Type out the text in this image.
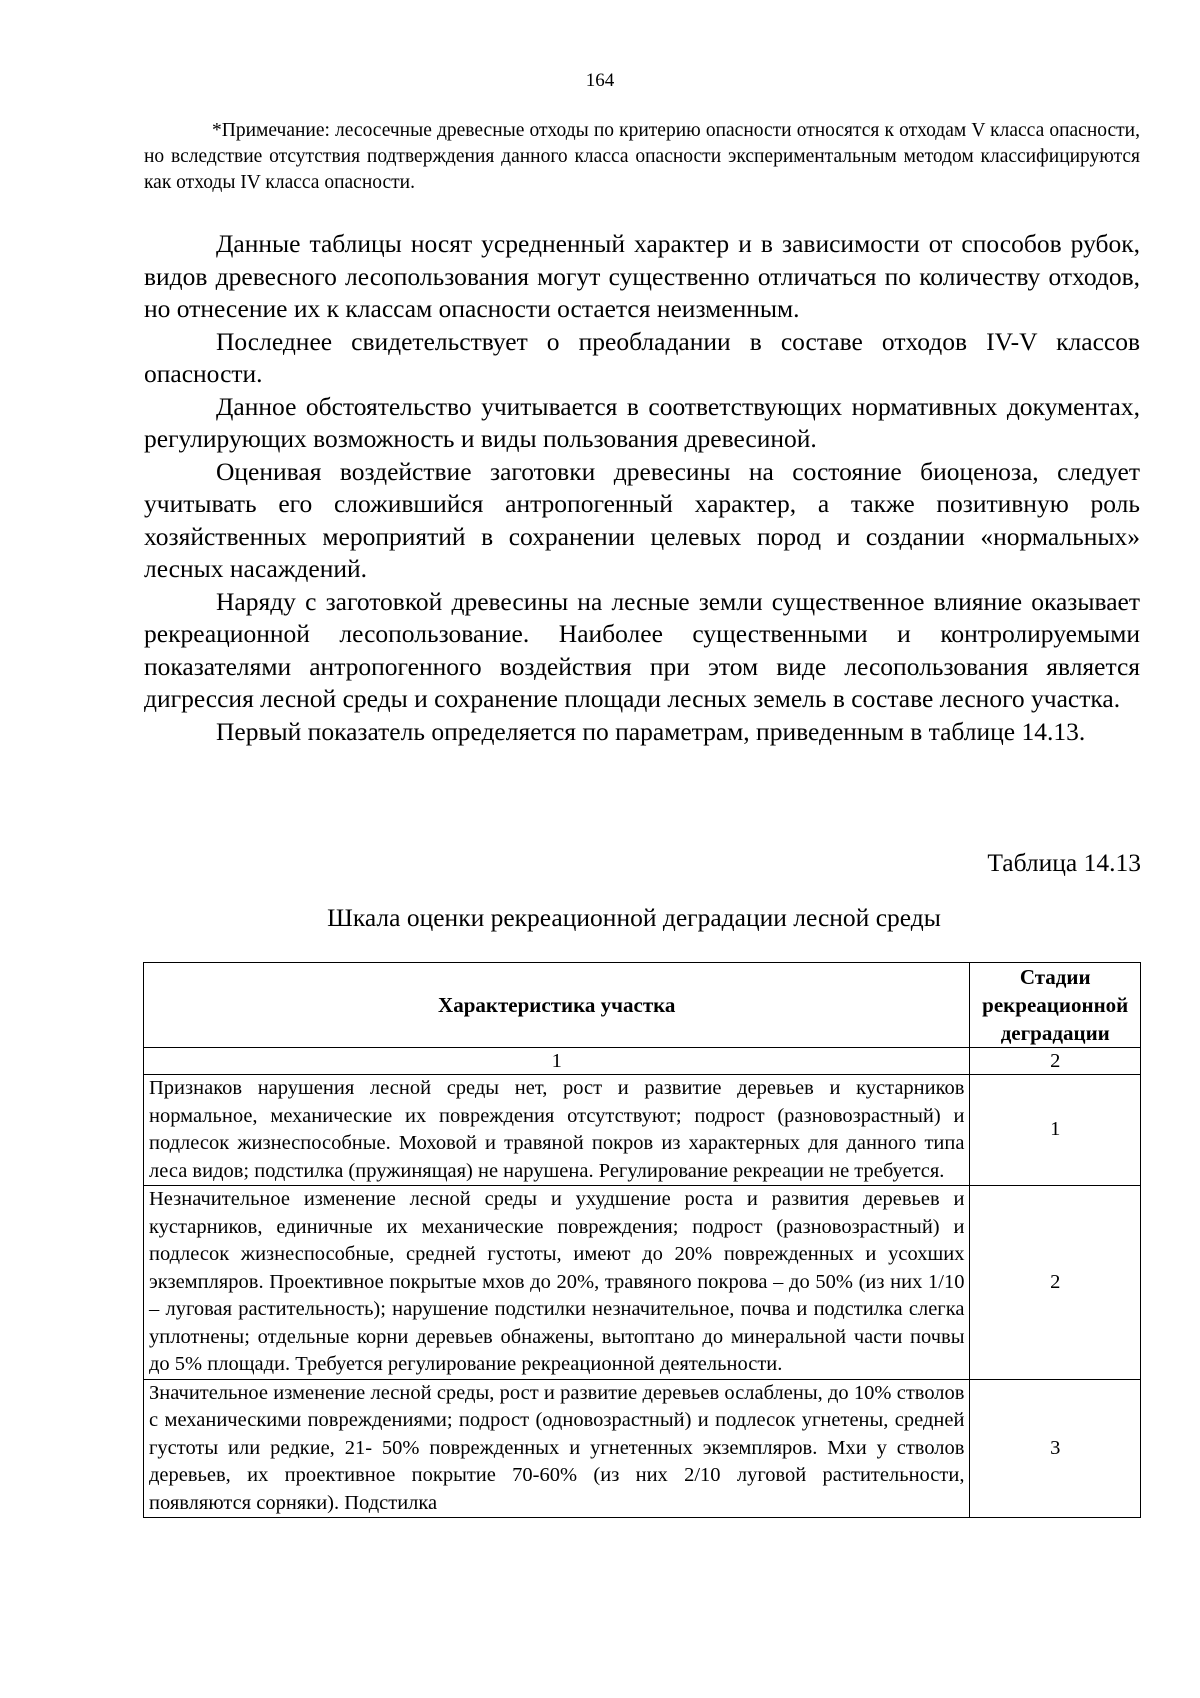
164

*Примечание: лесосечные древесные отходы по критерию опасности относятся к отходам V класса опасности, но вследствие отсутствия подтверждения данного класса опасности экспериментальным методом классифицируются как отходы IV класса опасности.

Данные таблицы носят усредненный характер и в зависимости от способов рубок, видов древесного лесопользования могут существенно отличаться по количеству отходов, но отнесение их к классам опасности остается неизменным.

Последнее свидетельствует о преобладании в составе отходов IV-V классов опасности.

Данное обстоятельство учитывается в соответствующих нормативных документах, регулирующих возможность и виды пользования древесиной.

Оценивая воздействие заготовки древесины на состояние биоценоза, следует учитывать его сложившийся антропогенный характер, а также позитивную роль хозяйственных мероприятий в сохранении целевых пород и создании «нормальных» лесных насаждений.

Наряду с заготовкой древесины на лесные земли существенное влияние оказывает рекреационной лесопользование. Наиболее существенными и контролируемыми показателями антропогенного воздействия при этом виде лесопользования является дигрессия лесной среды и сохранение площади лесных земель в составе лесного участка.

Первый показатель определяется по параметрам, приведенным в таблице 14.13.

Таблица 14.13
Шкала оценки рекреационной деградации лесной среды
Характеристика участка	Стадии рекреационной деградации
1	2
Признаков нарушения лесной среды нет, рост и развитие деревьев и кустарников нормальное, механические их повреждения отсутствуют; подрост (разновозрастный) и подлесок жизнеспособные. Моховой и травяной покров из характерных для данного типа леса видов; подстилка (пружинящая) не нарушена. Регулирование рекреации не требуется.	1
Незначительное изменение лесной среды и ухудшение роста и развития деревьев и кустарников, единичные их механические повреждения; подрост (разновозрастный) и подлесок жизнеспособные, средней густоты, имеют до 20% поврежденных и усохших экземпляров. Проективное покрытые мхов до 20%, травяного покрова – до 50% (из них 1/10 – луговая растительность); нарушение подстилки незначительное, почва и подстилка слегка уплотнены; отдельные корни деревьев обнажены, вытоптано до минеральной части почвы до 5% площади. Требуется регулирование рекреационной деятельности.	2
Значительное изменение лесной среды, рост и развитие деревьев ослаблены, до 10% стволов с механическими повреждениями; подрост (одновозрастный) и подлесок угнетены, средней густоты или редкие, 21- 50% поврежденных и угнетенных экземпляров. Мхи у стволов деревьев, их проективное покрытие 70-60% (из них 2/10 луговой растительности, появляются сорняки). Подстилка	3
